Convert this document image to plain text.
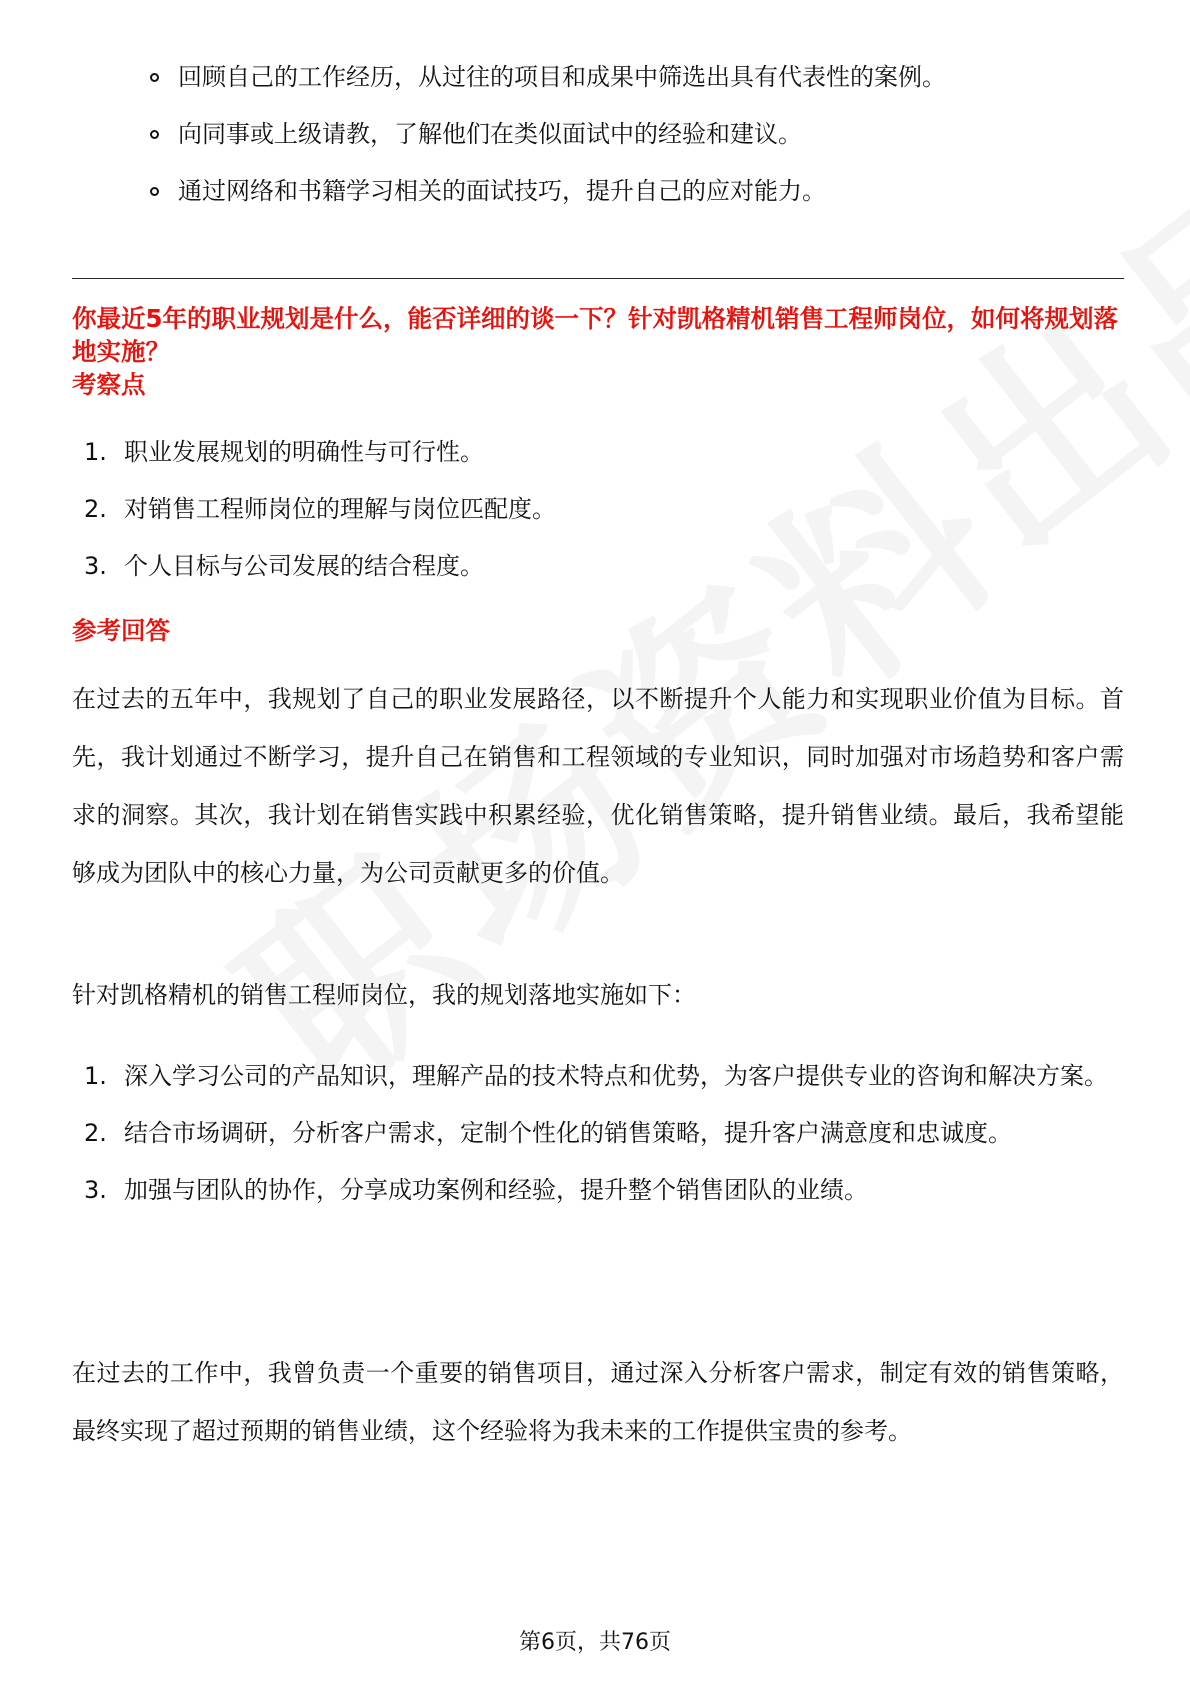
回顾自己的工作经历，从过往的项目和成果中筛选出具有代表性的案例。
向同事或上级请教，了解他们在类似面试中的经验和建议。
通过网络和书籍学习相关的面试技巧，提升自己的应对能力。

你最近5年的职业规划是什么，能否详细的谈一下？针对凯格精机销售工程师岗位，如何将规划落地实施？

考察点

1. 职业发展规划的明确性与可行性。
2. 对销售工程师岗位的理解与岗位匹配度。
3. 个人目标与公司发展的结合程度。

参考回答

在过去的五年中，我规划了自己的职业发展路径，以不断提升个人能力和实现职业价值为目标。首先，我计划通过不断学习，提升自己在销售和工程领域的专业知识，同时加强对市场趋势和客户需求的洞察。其次，我计划在销售实践中积累经验，优化销售策略，提升销售业绩。最后，我希望能够成为团队中的核心力量，为公司贡献更多的价值。

针对凯格精机的销售工程师岗位，我的规划落地实施如下：

1. 深入学习公司的产品知识，理解产品的技术特点和优势，为客户提供专业的咨询和解决方案。
2. 结合市场调研，分析客户需求，定制个性化的销售策略，提升客户满意度和忠诚度。
3. 加强与团队的协作，分享成功案例和经验，提升整个销售团队的业绩。

在过去的工作中，我曾负责一个重要的销售项目，通过深入分析客户需求，制定有效的销售策略，最终实现了超过预期的销售业绩，这个经验将为我未来的工作提供宝贵的参考。

第6页，共76页
